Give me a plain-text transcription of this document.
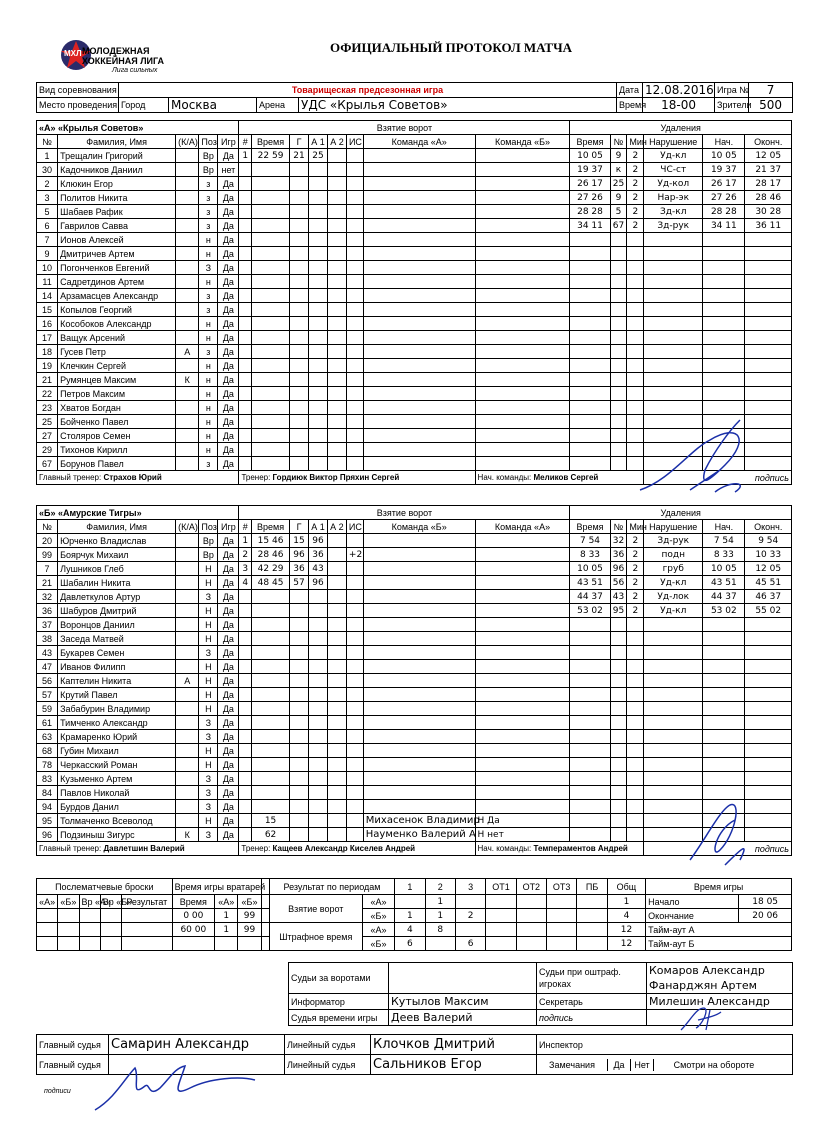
МХЛ МОЛОДЕЖНАЯ
ХОККЕЙНАЯ ЛИГА
Лига сильных
ОФИЦИАЛЬНЫЙ ПРОТОКОЛ МАТЧА
Вид соревнования	Товарищеская предсезонная игра				Дата	12.08.2016	Игра №	7
Место проведения	Город	Москва	Арена	УДС «Крылья Советов»	Время	18-00	Зрители	500
«А» «Крылья Советов»					Взятие ворот								Удаления					
№	Фамилия, Имя	(К/А)	Поз	Игр	#	Время	Г	А 1	А 2	ИС	Команда «А»	Команда «Б»	Время	№	Мин	Нарушение	Нач.	Оконч.
1	Трещалин Григорий		Вр	Да	1	22 59	21	25					10 05	9	2	Уд-кл	10 05	12 05
30	Кадочников Даниил		Вр	нет									19 37	к	2	ЧС-ст	19 37	21 37
2	Клюкин Егор		з	Да									26 17	25	2	Уд-кол	26 17	28 17
3	Политов Никита		з	Да									27 26	9	2	Нар-эк	27 26	28 46
5	Шабаев Рафик		з	Да									28 28	5	2	Зд-кл	28 28	30 28
6	Гаврилов Савва		з	Да									34 11	67	2	Зд-рук	34 11	36 11
7	Ионов Алексей		н	Да														
9	Дмитричев Артем		н	Да														
10	Погонченков Евгений		З	Да														
11	Садретдинов Артем		н	Да														
14	Арзамасцев Александр		з	Да														
15	Копылов Георгий		з	Да														
16	Кособоков Александр		н	Да														
17	Ващук Арсений		н	Да														
18	Гусев Петр	А	з	Да														
19	Клечкин Сергей		н	Да														
21	Румянцев Максим	К	н	Да														
22	Петров Максим		н	Да														
23	Хватов Богдан		н	Да														
25	Бойченко Павел		н	Да														
27	Столяров Семен		н	Да														
29	Тихонов Кирилл		н	Да														
67	Борунов Павел		з	Да														
Главный тренер: Страхов Юрий					Тренер: Гордиюк Виктор Пряхин Сергей							Нач. команды: Меликов Сергей				подпись		
«Б» «Амурские Тигры»					Взятие ворот								Удаления					
№	Фамилия, Имя	(К/А)	Поз	Игр	#	Время	Г	А 1	А 2	ИС	Команда «Б»	Команда «А»	Время	№	Мин	Нарушение	Нач.	Оконч.
20	Юрченко Владислав		Вр	Да	1	15 46	15	96					7 54	32	2	Зд-рук	7 54	9 54
99	Боярчук Михаил		Вр	Да	2	28 46	96	36		+2			8 33	36	2	подн	8 33	10 33
7	Лушников Глеб		Н	Да	3	42 29	36	43					10 05	96	2	груб	10 05	12 05
21	Шабалин Никита		Н	Да	4	48 45	57	96					43 51	56	2	Уд-кл	43 51	45 51
32	Давлеткулов Артур		З	Да									44 37	43	2	Уд-лок	44 37	46 37
36	Шабуров Дмитрий		Н	Да									53 02	95	2	Уд-кл	53 02	55 02
37	Воронцов Даниил		Н	Да														
38	Заседа Матвей		Н	Да														
43	Букарев Семен		З	Да														
47	Иванов Филипп		Н	Да														
56	Каптелин Никита	А	Н	Да														
57	Крутий Павел		Н	Да														
59	Забабурин Владимир		Н	Да														
61	Тимченко Александр		З	Да														
63	Крамаренко Юрий		З	Да														
68	Губин Михаил		Н	Да														
78	Черкасский Роман		Н	Да														
83	Кузьменко Артем		З	Да														
84	Павлов Николай		З	Да														
94	Бурдов Данил		З	Да														
95	Толмаченко Всеволод		Н	Да		15					Михасенок Владимир	Н Да						
96	Подзиныш Зигурс	К	З	Да		62					Науменко Валерий А	Н нет						
Главный тренер: Давлетшин Валерий					Тренер: Кащеев Александр Киселев Андрей							Нач. команды: Темпераментов Андрей				подпись		
Послематчевые броски					Время игры вратарей				Результат по периодам		1	2	3	ОТ1	ОТ2	ОТ3	ПБ	Общ	Время игры	
«А»	«Б»	Вр «А»	Вр «Б»	Результат	Время	«А»	«Б»		Взятие ворот	«А»		1						1	Начало	18 05
					0 00	1	99			«Б»	1	1	2					4	Окончание	20 06
					60 00	1	99		Штрафное время	«А»	4	8						12	Тайм-аут А	
										«Б»	6		6					12	Тайм-аут Б	
Судьи за воротами		Судьи при оштраф. игроках	Комаров Александр
Фанарджян Артем

Информатор	Кутылов Максим	Секретарь	Милешин Александр
Судья времени игры	Деев Валерий	подпись	
Главный судья	Самарин Александр	Линейный судья	Клочков Дмитрий	Инспектор
Главный судья		Линейный судья	Сальников Егор	Замечания Да Нет Смотри на обороте
подписи
